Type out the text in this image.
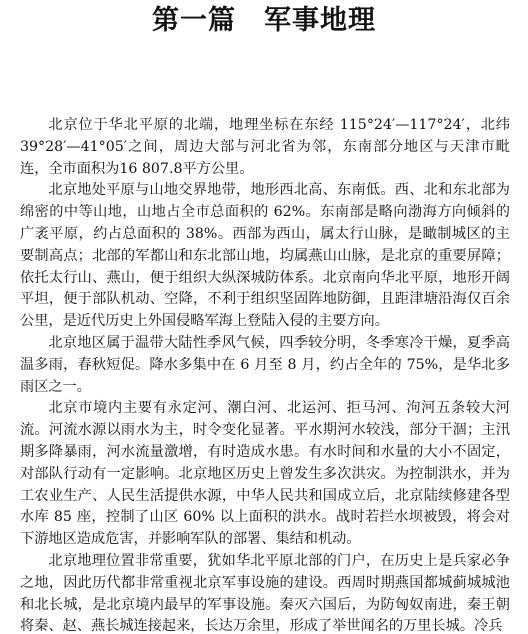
第一篇　军事地理

北京位于华北平原的北端，地理坐标在东经 115°24′—117°24′，北纬 39°28′—41°05′之间，周边大部与河北省为邻，东南部分地区与天津市毗连，全市面积为16 807.8平方公里。

北京地处平原与山地交界地带，地形西北高、东南低。西、北和东北部为绵密的中等山地，山地占全市总面积的 62%。东南部是略向渤海方向倾斜的广袤平原，约占总面积的 38%。西部为西山，属太行山脉，是瞰制城区的主要制高点；北部的军都山和东北部山地，均属燕山山脉，是北京的重要屏障；依托太行山、燕山，便于组织大纵深城防体系。北京南向华北平原，地形开阔平坦，便于部队机动、空降，不利于组织坚固阵地防御，且距津塘沿海仅百余公里，是近代历史上外国侵略军海上登陆入侵的主要方向。

北京地区属于温带大陆性季风气候，四季较分明，冬季寒冷干燥，夏季高温多雨，春秋短促。降水多集中在 6 月至 8 月，约占全年的 75%，是华北多雨区之一。

北京市境内主要有永定河、潮白河、北运河、拒马河、泃河五条较大河流。河流水源以雨水为主，时令变化显著。平水期河水较浅，部分干涸；主汛期多降暴雨，河水流量激增，有时造成水患。有水时间和水量的大小不固定，对部队行动有一定影响。北京地区历史上曾发生多次洪灾。为控制洪水，并为工农业生产、人民生活提供水源，中华人民共和国成立后，北京陆续修建各型水库 85 座，控制了山区 60% 以上面积的洪水。战时若拦水坝被毁，将会对下游地区造成危害，并影响军队的部署、集结和机动。

北京地理位置非常重要，犹如华北平原北部的门户，在历史上是兵家必争之地，因此历代都非常重视北京军事设施的建设。西周时期燕国都城蓟城城池和北长城，是北京境内最早的军事设施。秦灭六国后，为防匈奴南进，秦王朝将秦、赵、燕长城连接起来，长达万余里，形成了举世闻名的万里长城。冷兵
